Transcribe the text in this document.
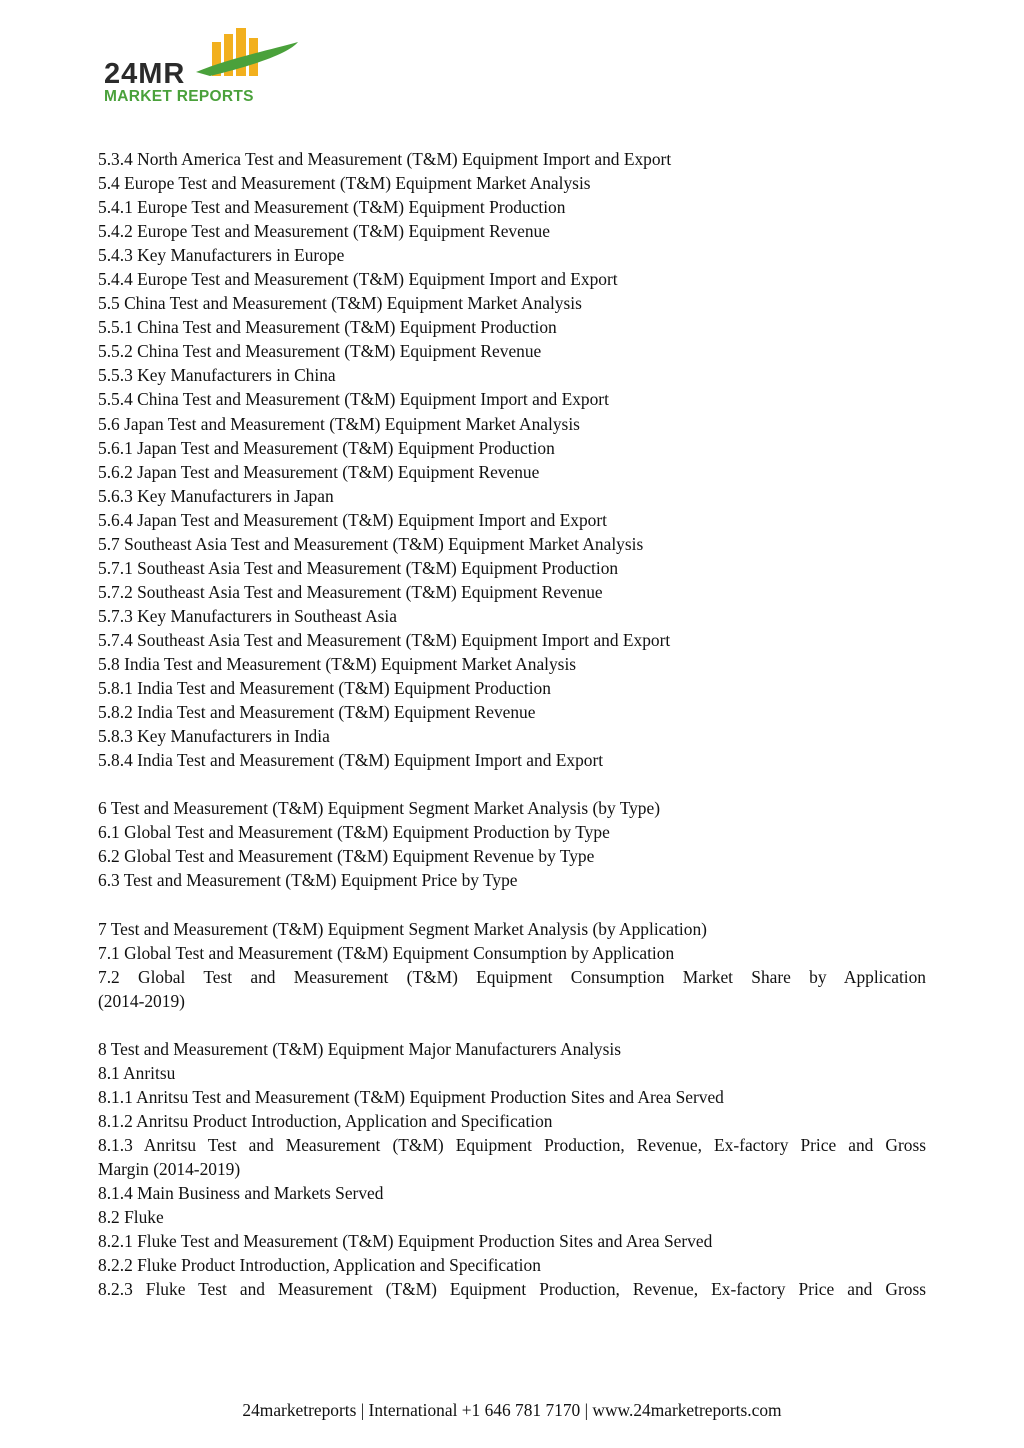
24MR
MARKET REPORTS
5.3.4 North America Test and Measurement (T&M) Equipment Import and Export
5.4 Europe Test and Measurement (T&M) Equipment Market Analysis
5.4.1 Europe Test and Measurement (T&M) Equipment Production
5.4.2 Europe Test and Measurement (T&M) Equipment Revenue
5.4.3 Key Manufacturers in Europe
5.4.4 Europe Test and Measurement (T&M) Equipment Import and Export
5.5 China Test and Measurement (T&M) Equipment Market Analysis
5.5.1 China Test and Measurement (T&M) Equipment Production
5.5.2 China Test and Measurement (T&M) Equipment Revenue
5.5.3 Key Manufacturers in China
5.5.4 China Test and Measurement (T&M) Equipment Import and Export
5.6 Japan Test and Measurement (T&M) Equipment Market Analysis
5.6.1 Japan Test and Measurement (T&M) Equipment Production
5.6.2 Japan Test and Measurement (T&M) Equipment Revenue
5.6.3 Key Manufacturers in Japan
5.6.4 Japan Test and Measurement (T&M) Equipment Import and Export
5.7 Southeast Asia Test and Measurement (T&M) Equipment Market Analysis
5.7.1 Southeast Asia Test and Measurement (T&M) Equipment Production
5.7.2 Southeast Asia Test and Measurement (T&M) Equipment Revenue
5.7.3 Key Manufacturers in Southeast Asia
5.7.4 Southeast Asia Test and Measurement (T&M) Equipment Import and Export
5.8 India Test and Measurement (T&M) Equipment Market Analysis
5.8.1 India Test and Measurement (T&M) Equipment Production
5.8.2 India Test and Measurement (T&M) Equipment Revenue
5.8.3 Key Manufacturers in India
5.8.4 India Test and Measurement (T&M) Equipment Import and Export
6 Test and Measurement (T&M) Equipment Segment Market Analysis (by Type)
6.1 Global Test and Measurement (T&M) Equipment Production by Type
6.2 Global Test and Measurement (T&M) Equipment Revenue by Type
6.3 Test and Measurement (T&M) Equipment Price by Type
7 Test and Measurement (T&M) Equipment Segment Market Analysis (by Application)
7.1 Global Test and Measurement (T&M) Equipment Consumption by Application
7.2 Global Test and Measurement (T&M) Equipment Consumption Market Share by Application
(2014-2019)
8 Test and Measurement (T&M) Equipment Major Manufacturers Analysis
8.1 Anritsu
8.1.1 Anritsu Test and Measurement (T&M) Equipment Production Sites and Area Served
8.1.2 Anritsu Product Introduction, Application and Specification
8.1.3 Anritsu Test and Measurement (T&M) Equipment Production, Revenue, Ex-factory Price and Gross
Margin (2014-2019)
8.1.4 Main Business and Markets Served
8.2 Fluke
8.2.1 Fluke Test and Measurement (T&M) Equipment Production Sites and Area Served
8.2.2 Fluke Product Introduction, Application and Specification
8.2.3 Fluke Test and Measurement (T&M) Equipment Production, Revenue, Ex-factory Price and Gross
24marketreports | International +1 646 781 7170 | www.24marketreports.com
